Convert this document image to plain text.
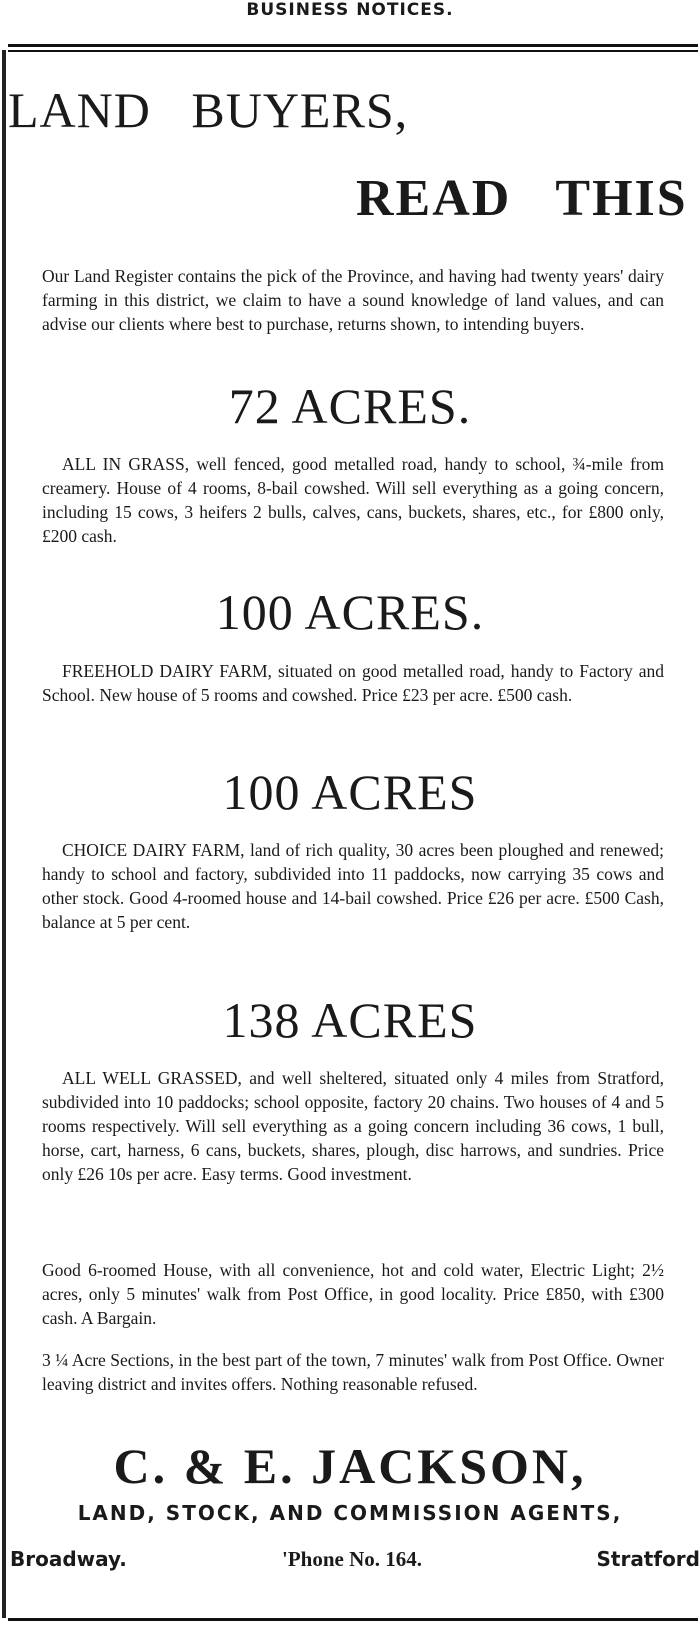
BUSINESS NOTICES.
LAND   BUYERS,
READ   THIS
Our Land Register contains the pick of the Province, and having had twenty years' dairy farming in this district, we claim to have a sound knowledge of land values, and can advise our clients where best to purchase, returns shown, to intending buyers.
72 ACRES.
ALL IN GRASS, well fenced, good metalled road, handy to school, ¾-mile from creamery. House of 4 rooms, 8-bail cowshed. Will sell everything as a going concern, including 15 cows, 3 heifers 2 bulls, calves, cans, buckets, shares, etc., for £800 only, £200 cash.
100 ACRES.
FREEHOLD DAIRY FARM, situated on good metalled road, handy to Factory and School. New house of 5 rooms and cowshed. Price £23 per acre. £500 cash.
100 ACRES
CHOICE DAIRY FARM, land of rich quality, 30 acres been ploughed and renewed; handy to school and factory, subdivided into 11 paddocks, now carrying 35 cows and other stock. Good 4-roomed house and 14-bail cowshed. Price £26 per acre. £500 Cash, balance at 5 per cent.
138 ACRES
ALL WELL GRASSED, and well sheltered, situated only 4 miles from Stratford, subdivided into 10 paddocks; school opposite, factory 20 chains. Two houses of 4 and 5 rooms respectively. Will sell everything as a going concern including 36 cows, 1 bull, horse, cart, harness, 6 cans, buckets, shares, plough, disc harrows, and sundries. Price only £26 10s per acre. Easy terms. Good investment.
Good 6-roomed House, with all convenience, hot and cold water, Electric Light; 2½ acres, only 5 minutes' walk from Post Office, in good locality. Price £850, with £300 cash. A Bargain.
3 ¼ Acre Sections, in the best part of the town, 7 minutes' walk from Post Office. Owner leaving district and invites offers. Nothing reasonable refused.
C. & E. JACKSON,
LAND, STOCK, AND COMMISSION AGENTS,
Broadway.	'Phone No. 164.	Stratford
